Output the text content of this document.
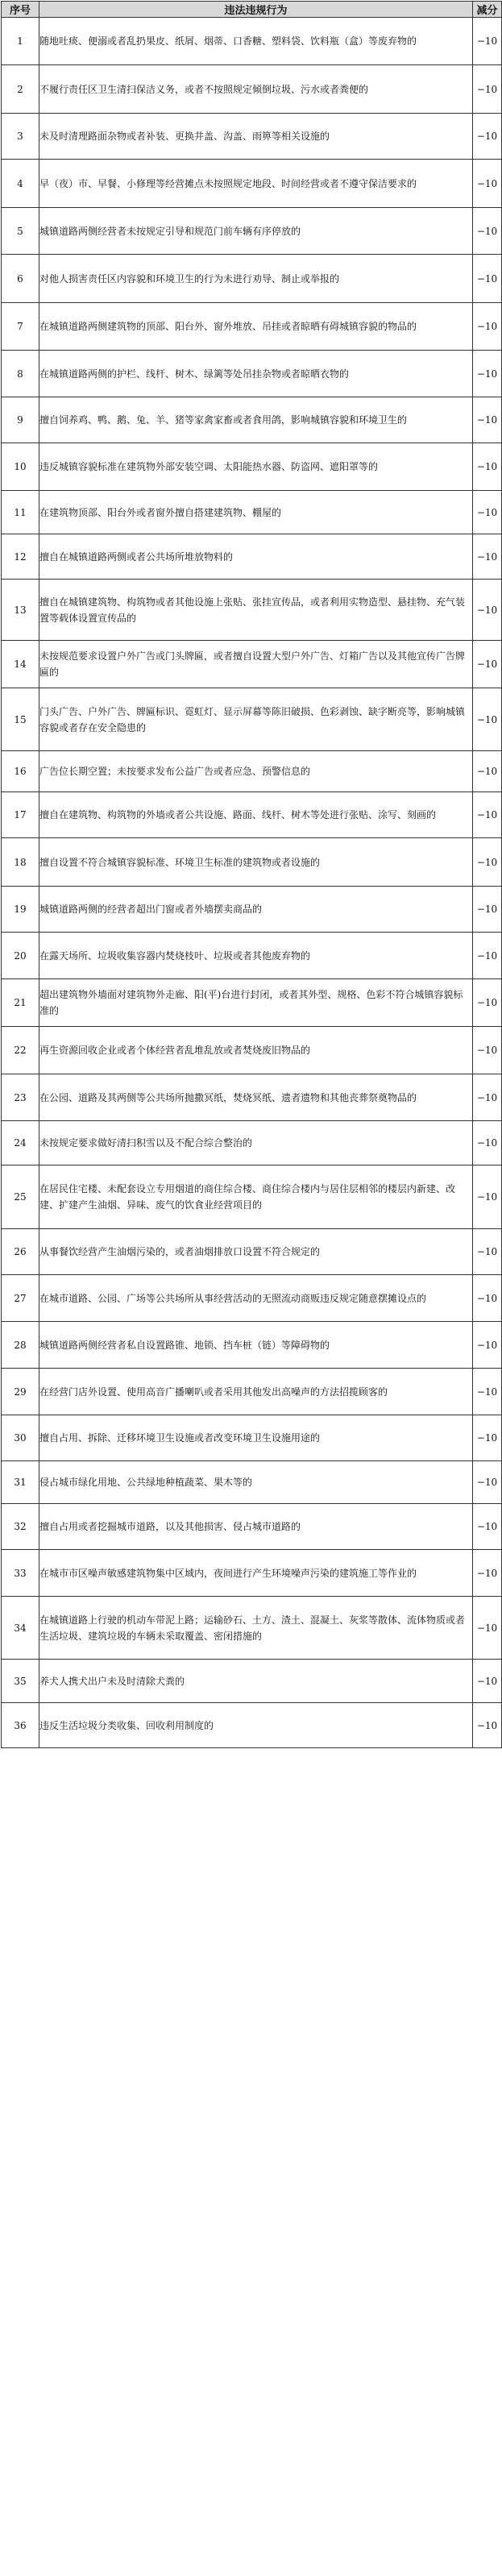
序号	违法违规行为	减分
1	随地吐痰、便溺或者乱扔果皮、纸屑、烟蒂、口香糖、塑料袋、饮料瓶（盒）等废弃物的	−10
2	不履行责任区卫生清扫保洁义务，或者不按照规定倾倒垃圾、污水或者粪便的	−10
3	未及时清理路面杂物或者补装、更换井盖、沟盖、雨箅等相关设施的	−10
4	早（夜）市、早餐、小修理等经营摊点未按照规定地段、时间经营或者不遵守保洁要求的	−10
5	城镇道路两侧经营者未按规定引导和规范门前车辆有序停放的	−10
6	对他人损害责任区内容貌和环境卫生的行为未进行劝导、制止或举报的	−10
7	在城镇道路两侧建筑物的顶部、阳台外、窗外堆放、吊挂或者晾晒有碍城镇容貌的物品的	−10
8	在城镇道路两侧的护栏、线杆、树木、绿篱等处吊挂杂物或者晾晒衣物的	−10
9	擅自饲养鸡、鸭、鹅、兔、羊、猪等家禽家畜或者食用鸽，影响城镇容貌和环境卫生的	−10
10	违反城镇容貌标准在建筑物外部安装空调、太阳能热水器、防盗网、遮阳罩等的	−10
11	在建筑物顶部、阳台外或者窗外擅自搭建建筑物、棚屋的	−10
12	擅自在城镇道路两侧或者公共场所堆放物料的	−10
13	擅自在城镇建筑物、构筑物或者其他设施上张贴、张挂宣传品，或者利用实物造型、悬挂物、充气装置等载体设置宣传品的	−10
14	未按规范要求设置户外广告或门头牌匾，或者擅自设置大型户外广告、灯箱广告以及其他宣传广告牌匾的	−10
15	门头广告、户外广告、牌匾标识、霓虹灯、显示屏幕等陈旧破损、色彩剥蚀、缺字断亮等，影响城镇容貌或者存在安全隐患的	−10
16	广告位长期空置；未按要求发布公益广告或者应急、预警信息的	−10
17	擅自在建筑物、构筑物的外墙或者公共设施、路面、线杆、树木等处进行张贴、涂写、刻画的	−10
18	擅自设置不符合城镇容貌标准、环境卫生标准的建筑物或者设施的	−10
19	城镇道路两侧的经营者超出门窗或者外墙摆卖商品的	−10
20	在露天场所、垃圾收集容器内焚烧枝叶、垃圾或者其他废弃物的	−10
21	超出建筑物外墙面对建筑物外走廊、阳(平)台进行封闭，或者其外型、规格、色彩不符合城镇容貌标准的	−10
22	再生资源回收企业或者个体经营者乱堆乱放或者焚烧废旧物品的	−10
23	在公园、道路及其两侧等公共场所抛撒冥纸，焚烧冥纸、遗者遗物和其他丧葬祭奠物品的	−10
24	未按规定要求做好清扫积雪以及不配合综合整治的	−10
25	在居民住宅楼、未配套设立专用烟道的商住综合楼、商住综合楼内与居住层相邻的楼层内新建、改建、扩建产生油烟、异味、废气的饮食业经营项目的	−10
26	从事餐饮经营产生油烟污染的，或者油烟排放口设置不符合规定的	−10
27	在城市道路、公园、广场等公共场所从事经营活动的无照流动商贩违反规定随意摆摊设点的	−10
28	城镇道路两侧经营者私自设置路锥、地锁、挡车桩（链）等障碍物的	−10
29	在经营门店外设置、使用高音广播喇叭或者采用其他发出高噪声的方法招揽顾客的	−10
30	擅自占用、拆除、迁移环境卫生设施或者改变环境卫生设施用途的	−10
31	侵占城市绿化用地、公共绿地种植蔬菜、果木等的	−10
32	擅自占用或者挖掘城市道路，以及其他损害、侵占城市道路的	−10
33	在城市市区噪声敏感建筑物集中区域内，夜间进行产生环境噪声污染的建筑施工等作业的	−10
34	在城镇道路上行驶的机动车带泥上路；运输砂石、土方、渣土、混凝土、灰浆等散体、流体物质或者生活垃圾、建筑垃圾的车辆未采取覆盖、密闭措施的	−10
35	养犬人携犬出户未及时清除犬粪的	−10
36	违反生活垃圾分类收集、回收利用制度的	−10
